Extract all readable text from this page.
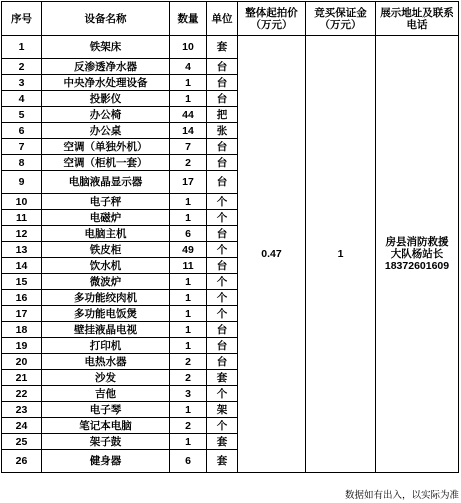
序号	设备名称	数量	单位	整体起拍价（万元）	竞买保证金（万元）	展示地址及联系电话
1	铁架床	10	套	0.47	1	房县消防救援
大队杨站长
18372601609

2	反渗透净水器	4	台			
3	中央净水处理设备	1	台			
4	投影仪	1	台			
5	办公椅	44	把			
6	办公桌	14	张			
7	空调（单独外机）	7	台			
8	空调（柜机一套）	2	台			
9	电脑液晶显示器	17	台			
10	电子秤	1	个			
11	电磁炉	1	个			
12	电脑主机	6	台			
13	铁皮柜	49	个			
14	饮水机	11	台			
15	微波炉	1	个			
16	多功能绞肉机	1	个			
17	多功能电饭煲	1	个			
18	壁挂液晶电视	1	台			
19	打印机	1	台			
20	电热水器	2	台			
21	沙发	2	套			
22	吉他	3	个			
23	电子琴	1	架			
24	笔记本电脑	2	个			
25	架子鼓	1	套			
26	健身器	6	套			
数据如有出入，以实际为准
